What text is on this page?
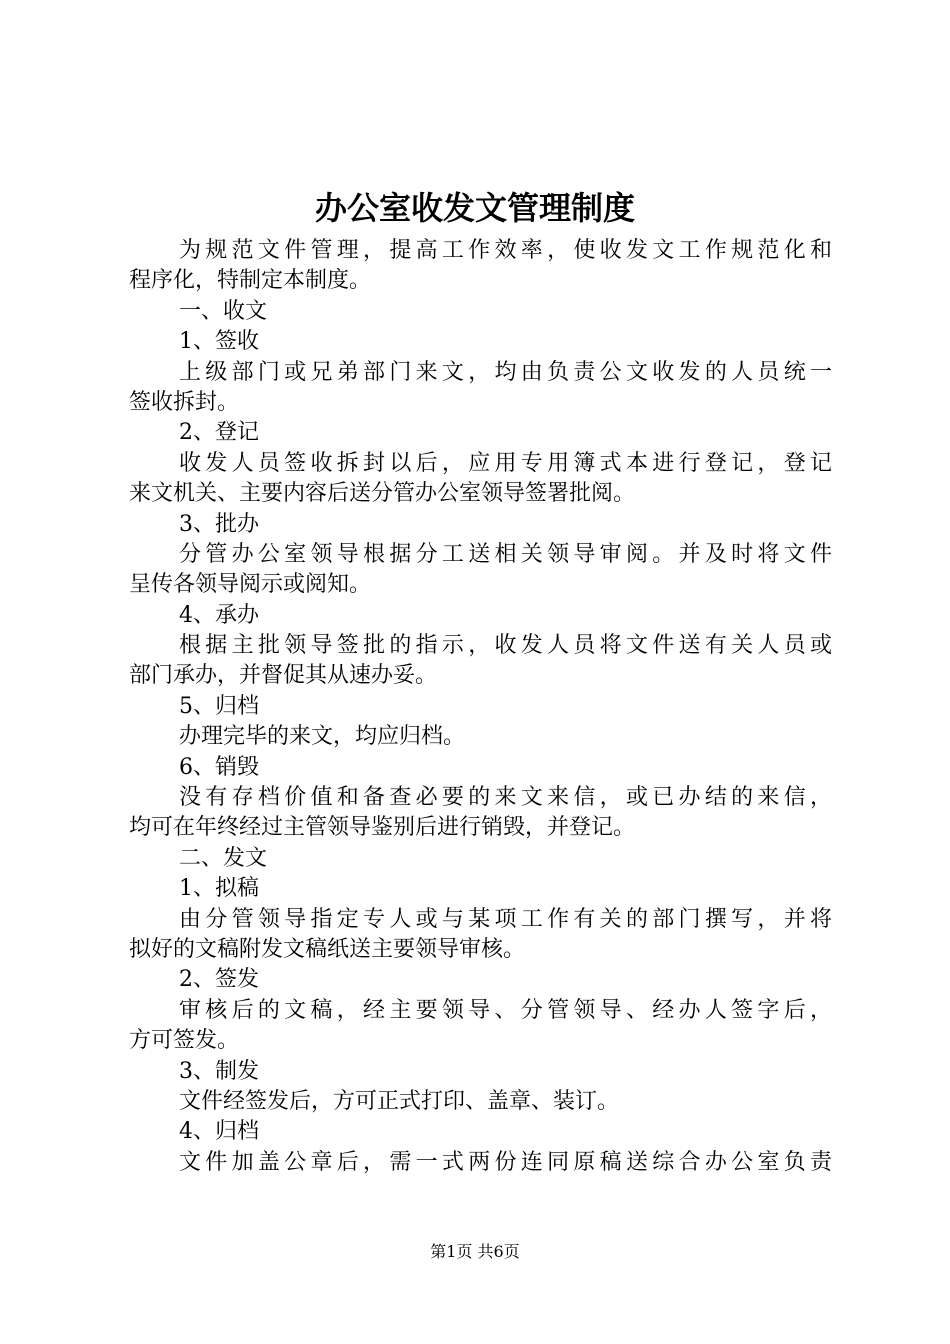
办公室收发文管理制度
为规范文件管理，提高工作效率，使收发文工作规范化和
程序化，特制定本制度。
一、收文
1、签收
上级部门或兄弟部门来文，均由负责公文收发的人员统一
签收拆封。
2、登记
收发人员签收拆封以后，应用专用簿式本进行登记，登记
来文机关、主要内容后送分管办公室领导签署批阅。
3、批办
分管办公室领导根据分工送相关领导审阅。并及时将文件
呈传各领导阅示或阅知。
4、承办
根据主批领导签批的指示，收发人员将文件送有关人员或
部门承办，并督促其从速办妥。
5、归档
办理完毕的来文，均应归档。
6、销毁
没有存档价值和备查必要的来文来信，或已办结的来信，
均可在年终经过主管领导鉴别后进行销毁，并登记。
二、发文
1、拟稿
由分管领导指定专人或与某项工作有关的部门撰写，并将
拟好的文稿附发文稿纸送主要领导审核。
2、签发
审核后的文稿，经主要领导、分管领导、经办人签字后，
方可签发。
3、制发
文件经签发后，方可正式打印、盖章、装订。
4、归档
文件加盖公章后，需一式两份连同原稿送综合办公室负责
第1页 共6页
